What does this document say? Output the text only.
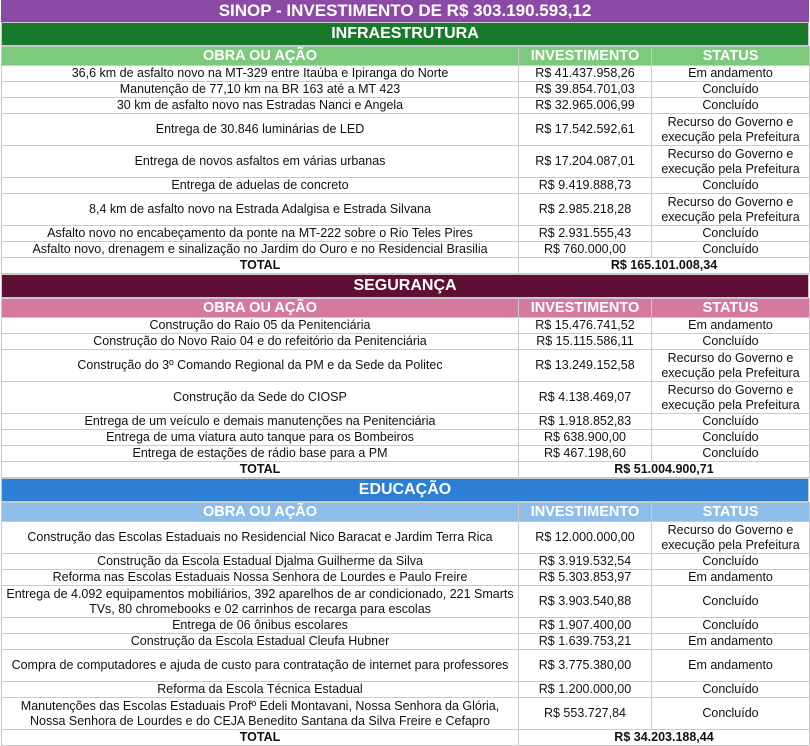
SINOP - INVESTIMENTO DE R$ 303.190.593,12
INFRAESTRUTURA
OBRA OU AÇÃO	INVESTIMENTO	STATUS
36,6 km de asfalto novo na MT-329 entre Itaúba e Ipiranga do Norte	R$ 41.437.958,26	Em andamento
Manutenção de 77,10 km na BR 163 até a MT 423	R$ 39.854.701,03	Concluído
30 km de asfalto novo nas Estradas Nanci e Angela	R$ 32.965.006,99	Concluído
Entrega de 30.846 luminárias de LED	R$ 17.542.592,61	Recurso do Governo e execução pela Prefeitura
Entrega de novos asfaltos em várias urbanas	R$ 17.204.087,01	Recurso do Governo e execução pela Prefeitura
Entrega de aduelas de concreto	R$ 9.419.888,73	Concluído
8,4 km de asfalto novo na Estrada Adalgisa e Estrada Silvana	R$ 2.985.218,28	Recurso do Governo e execução pela Prefeitura
Asfalto novo no encabeçamento da ponte na MT-222 sobre o Rio Teles Pires	R$ 2.931.555,43	Concluído
Asfalto novo, drenagem e sinalização no Jardim do Ouro e no Residencial Brasilia	R$ 760.000,00	Concluído
TOTAL	R$ 165.101.008,34	
SEGURANÇA
OBRA OU AÇÃO	INVESTIMENTO	STATUS
Construção do Raio 05 da Penitenciária	R$ 15.476.741,52	Em andamento
Construção do Novo Raio 04 e do refeitório da Penitenciária	R$ 15.115.586,11	Concluído
Construção do 3º Comando Regional da PM e da Sede da Politec	R$ 13.249.152,58	Recurso do Governo e execução pela Prefeitura
Construção da Sede do CIOSP	R$ 4.138.469,07	Recurso do Governo e execução pela Prefeitura
Entrega de um veículo e demais manutenções na Penitenciária	R$ 1.918.852,83	Concluído
Entrega de uma viatura auto tanque para os Bombeiros	R$ 638.900,00	Concluído
Entrega de estações de rádio base para a PM	R$ 467.198,60	Concluído
TOTAL	R$ 51.004.900,71	
EDUCAÇÃO
OBRA OU AÇÃO	INVESTIMENTO	STATUS
Construção das Escolas Estaduais no Residencial Nico Baracat e Jardim Terra Rica	R$ 12.000.000,00	Recurso do Governo e execução pela Prefeitura
Construção da Escola Estadual Djalma Guilherme da Silva	R$ 3.919.532,54	Concluído
Reforma nas Escolas Estaduais Nossa Senhora de Lourdes e Paulo Freire	R$ 5.303.853,97	Em andamento
Entrega de 4.092 equipamentos mobiliários, 392 aparelhos de ar condicionado, 221 Smarts TVs, 80 chromebooks e 02 carrinhos de recarga para escolas	R$ 3.903.540,88	Concluído
Entrega de 06 ônibus escolares	R$ 1.907.400,00	Concluído
Construção da Escola Estadual Cleufa Hubner	R$ 1.639.753,21	Em andamento
Compra de computadores e ajuda de custo para contratação de internet para professores	R$ 3.775.380,00	Em andamento
Reforma da Escola Técnica Estadual	R$ 1.200.000,00	Concluído
Manutenções das Escolas Estaduais Profº Edeli Montavani, Nossa Senhora da Glória, Nossa Senhora de Lourdes e do CEJA Benedito Santana da Silva Freire e Cefapro	R$ 553.727,84	Concluído
TOTAL	R$ 34.203.188,44	
